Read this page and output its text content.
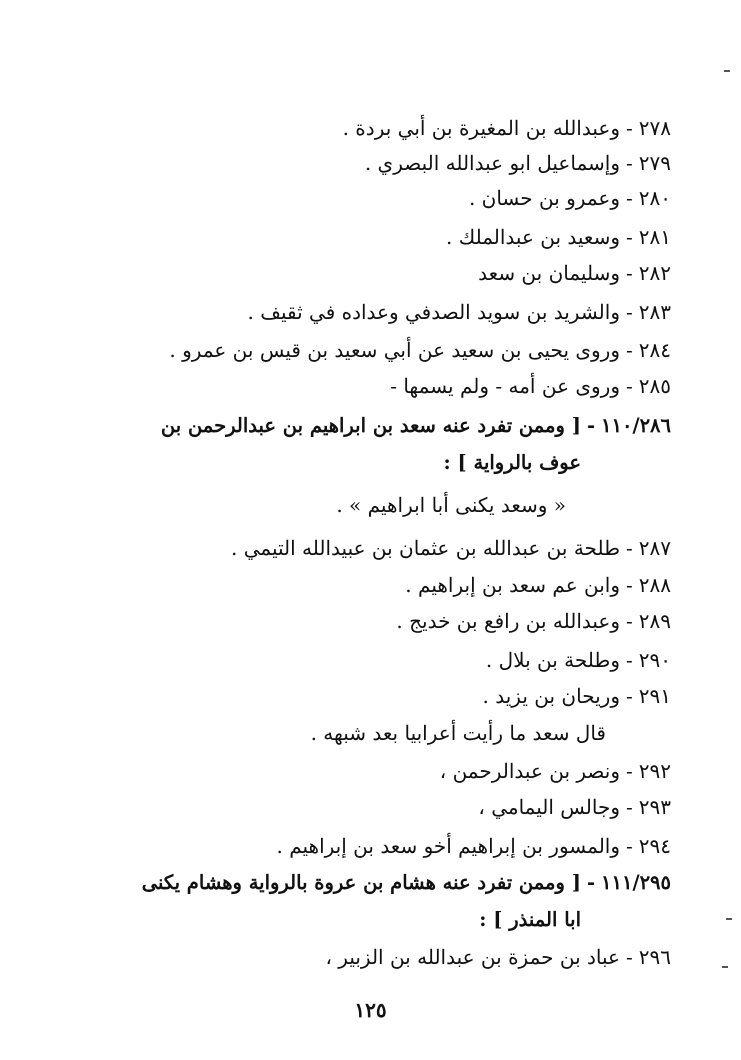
٢٧٨-وعبدالله بن المغيرة بن أبي بردة .
٢٧٩-وإسماعيل ابو عبدالله البصري .
٢٨٠-وعمرو بن حسان .
٢٨١-وسعيد بن عبدالملك .
٢٨٢-وسليمان بن سعد
٢٨٣-والشريد بن سويد الصدفي وعداده في ثقيف .
٢٨٤-وروى يحيى بن سعيد عن أبي سعيد بن قيس بن عمرو .
٢٨٥-وروى عن أمه - ولم يسمها -
١١٠/٢٨٦-[ وممن تفرد عنه سعد بن ابراهيم بن عبدالرحمن بن
عوف بالرواية ] :
« وسعد يكنى أبا ابراهيم » .
٢٨٧-طلحة بن عبدالله بن عثمان بن عبيدالله التيمي .
٢٨٨-وابن عم سعد بن إبراهيم .
٢٨٩-وعبدالله بن رافع بن خديج .
٢٩٠-وطلحة بن بلال .
٢٩١-وريحان بن يزيد .
قال سعد ما رأيت أعرابيا بعد شبهه .
٢٩٢-ونصر بن عبدالرحمن ،
٢٩٣-وجالس اليمامي ،
٢٩٤-والمسور بن إبراهيم أخو سعد بن إبراهيم .
١١١/٢٩٥-[ وممن تفرد عنه هشام بن عروة بالرواية وهشام يكنى
ابا المنذر ] :
٢٩٦-عباد بن حمزة بن عبدالله بن الزبير ،
١٢٥
